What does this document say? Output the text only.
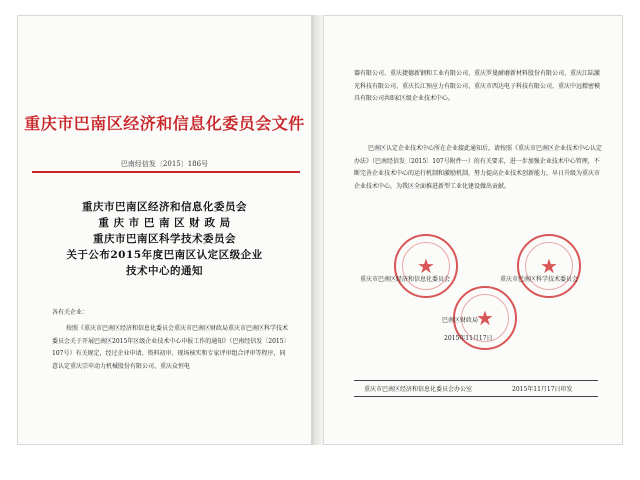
重庆市巴南区经济和信息化委员会文件
巴南经信发〔2015〕186号
重庆市巴南区经济和信息化委员会
重 庆 市 巴 南 区 财 政 局
重庆市巴南区科学技术委员会
关于公布2015年度巴南区认定区级企业
技术中心的通知
各有关企业：
按照《重庆市巴南区经济和信息化委员会重庆市巴南区财政局重庆市巴南区科学技术委员会关于开展巴南区2015年区级企业技术中心申报工作的通知》（巴南经信发〔2015〕107号）有关规定，经过企业申请、资料初审、现场核实和专家评审组合评审等程序，同意认定重庆宗申动力机械股份有限公司、重庆众恒电
器有限公司、重庆捷德新钢和工业有限公司、重庆罗曼耐磨新材料股份有限公司、重庆江陆激光科技有限公司、重庆长江预应力有限公司、重庆市西达电子科技有限公司、重庆中远精密模具有限公司共8家区级企业技术中心。
巴南区认定企业技术中心所在企业接此通知后，请按照《重庆市巴南区企业技术中心认定办法》（巴南经信发〔2015〕107号附件一）的有关要求，进一步加强企业技术中心管理，不断完善企业技术中心的运行机制和激励机制，努力提高企业技术创新能力，早日升级为重庆市企业技术中心，为我区全面推进新型工业化建设做出贡献。
★	★
★
重庆市巴南区经济和信息化委员会	重庆市巴南区科学技术委员会
巴南区财政局
2015年11月17日
重庆市巴南区经济和信息化委员会办公室	2015年11月17日印发
